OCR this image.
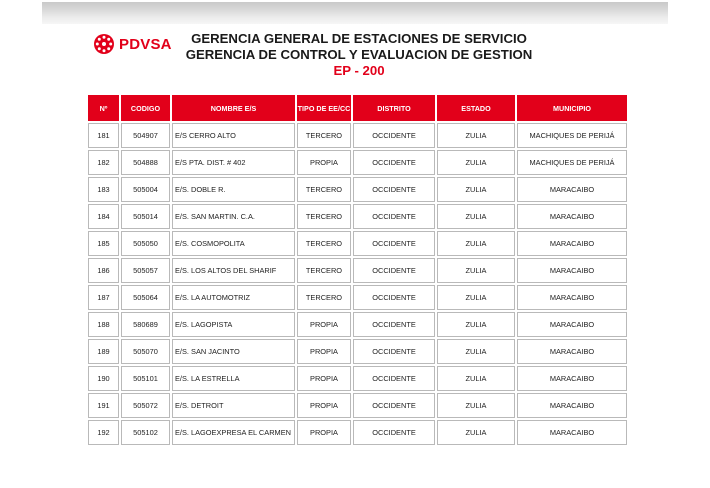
PDVSA	GERENCIA GENERAL DE ESTACIONES DE SERVICIO
GERENCIA DE CONTROL Y EVALUACION DE GESTION
EP - 200
Nº	CODIGO	NOMBRE E/S	TIPO DE EE/CC	DISTRITO	ESTADO	MUNICIPIO
181	504907	E/S CERRO ALTO	TERCERO	OCCIDENTE	ZULIA	MACHIQUES DE PERIJÁ
182	504888	E/S PTA. DIST. # 402	PROPIA	OCCIDENTE	ZULIA	MACHIQUES DE PERIJÁ
183	505004	E/S. DOBLE R.	TERCERO	OCCIDENTE	ZULIA	MARACAIBO
184	505014	E/S. SAN MARTIN. C.A.	TERCERO	OCCIDENTE	ZULIA	MARACAIBO
185	505050	E/S. COSMOPOLITA	TERCERO	OCCIDENTE	ZULIA	MARACAIBO
186	505057	E/S. LOS ALTOS DEL SHARIF	TERCERO	OCCIDENTE	ZULIA	MARACAIBO
187	505064	E/S. LA AUTOMOTRIZ	TERCERO	OCCIDENTE	ZULIA	MARACAIBO
188	580689	E/S. LAGOPISTA	PROPIA	OCCIDENTE	ZULIA	MARACAIBO
189	505070	E/S. SAN JACINTO	PROPIA	OCCIDENTE	ZULIA	MARACAIBO
190	505101	E/S. LA ESTRELLA	PROPIA	OCCIDENTE	ZULIA	MARACAIBO
191	505072	E/S. DETROIT	PROPIA	OCCIDENTE	ZULIA	MARACAIBO
192	505102	E/S. LAGOEXPRESA EL CARMEN	PROPIA	OCCIDENTE	ZULIA	MARACAIBO
